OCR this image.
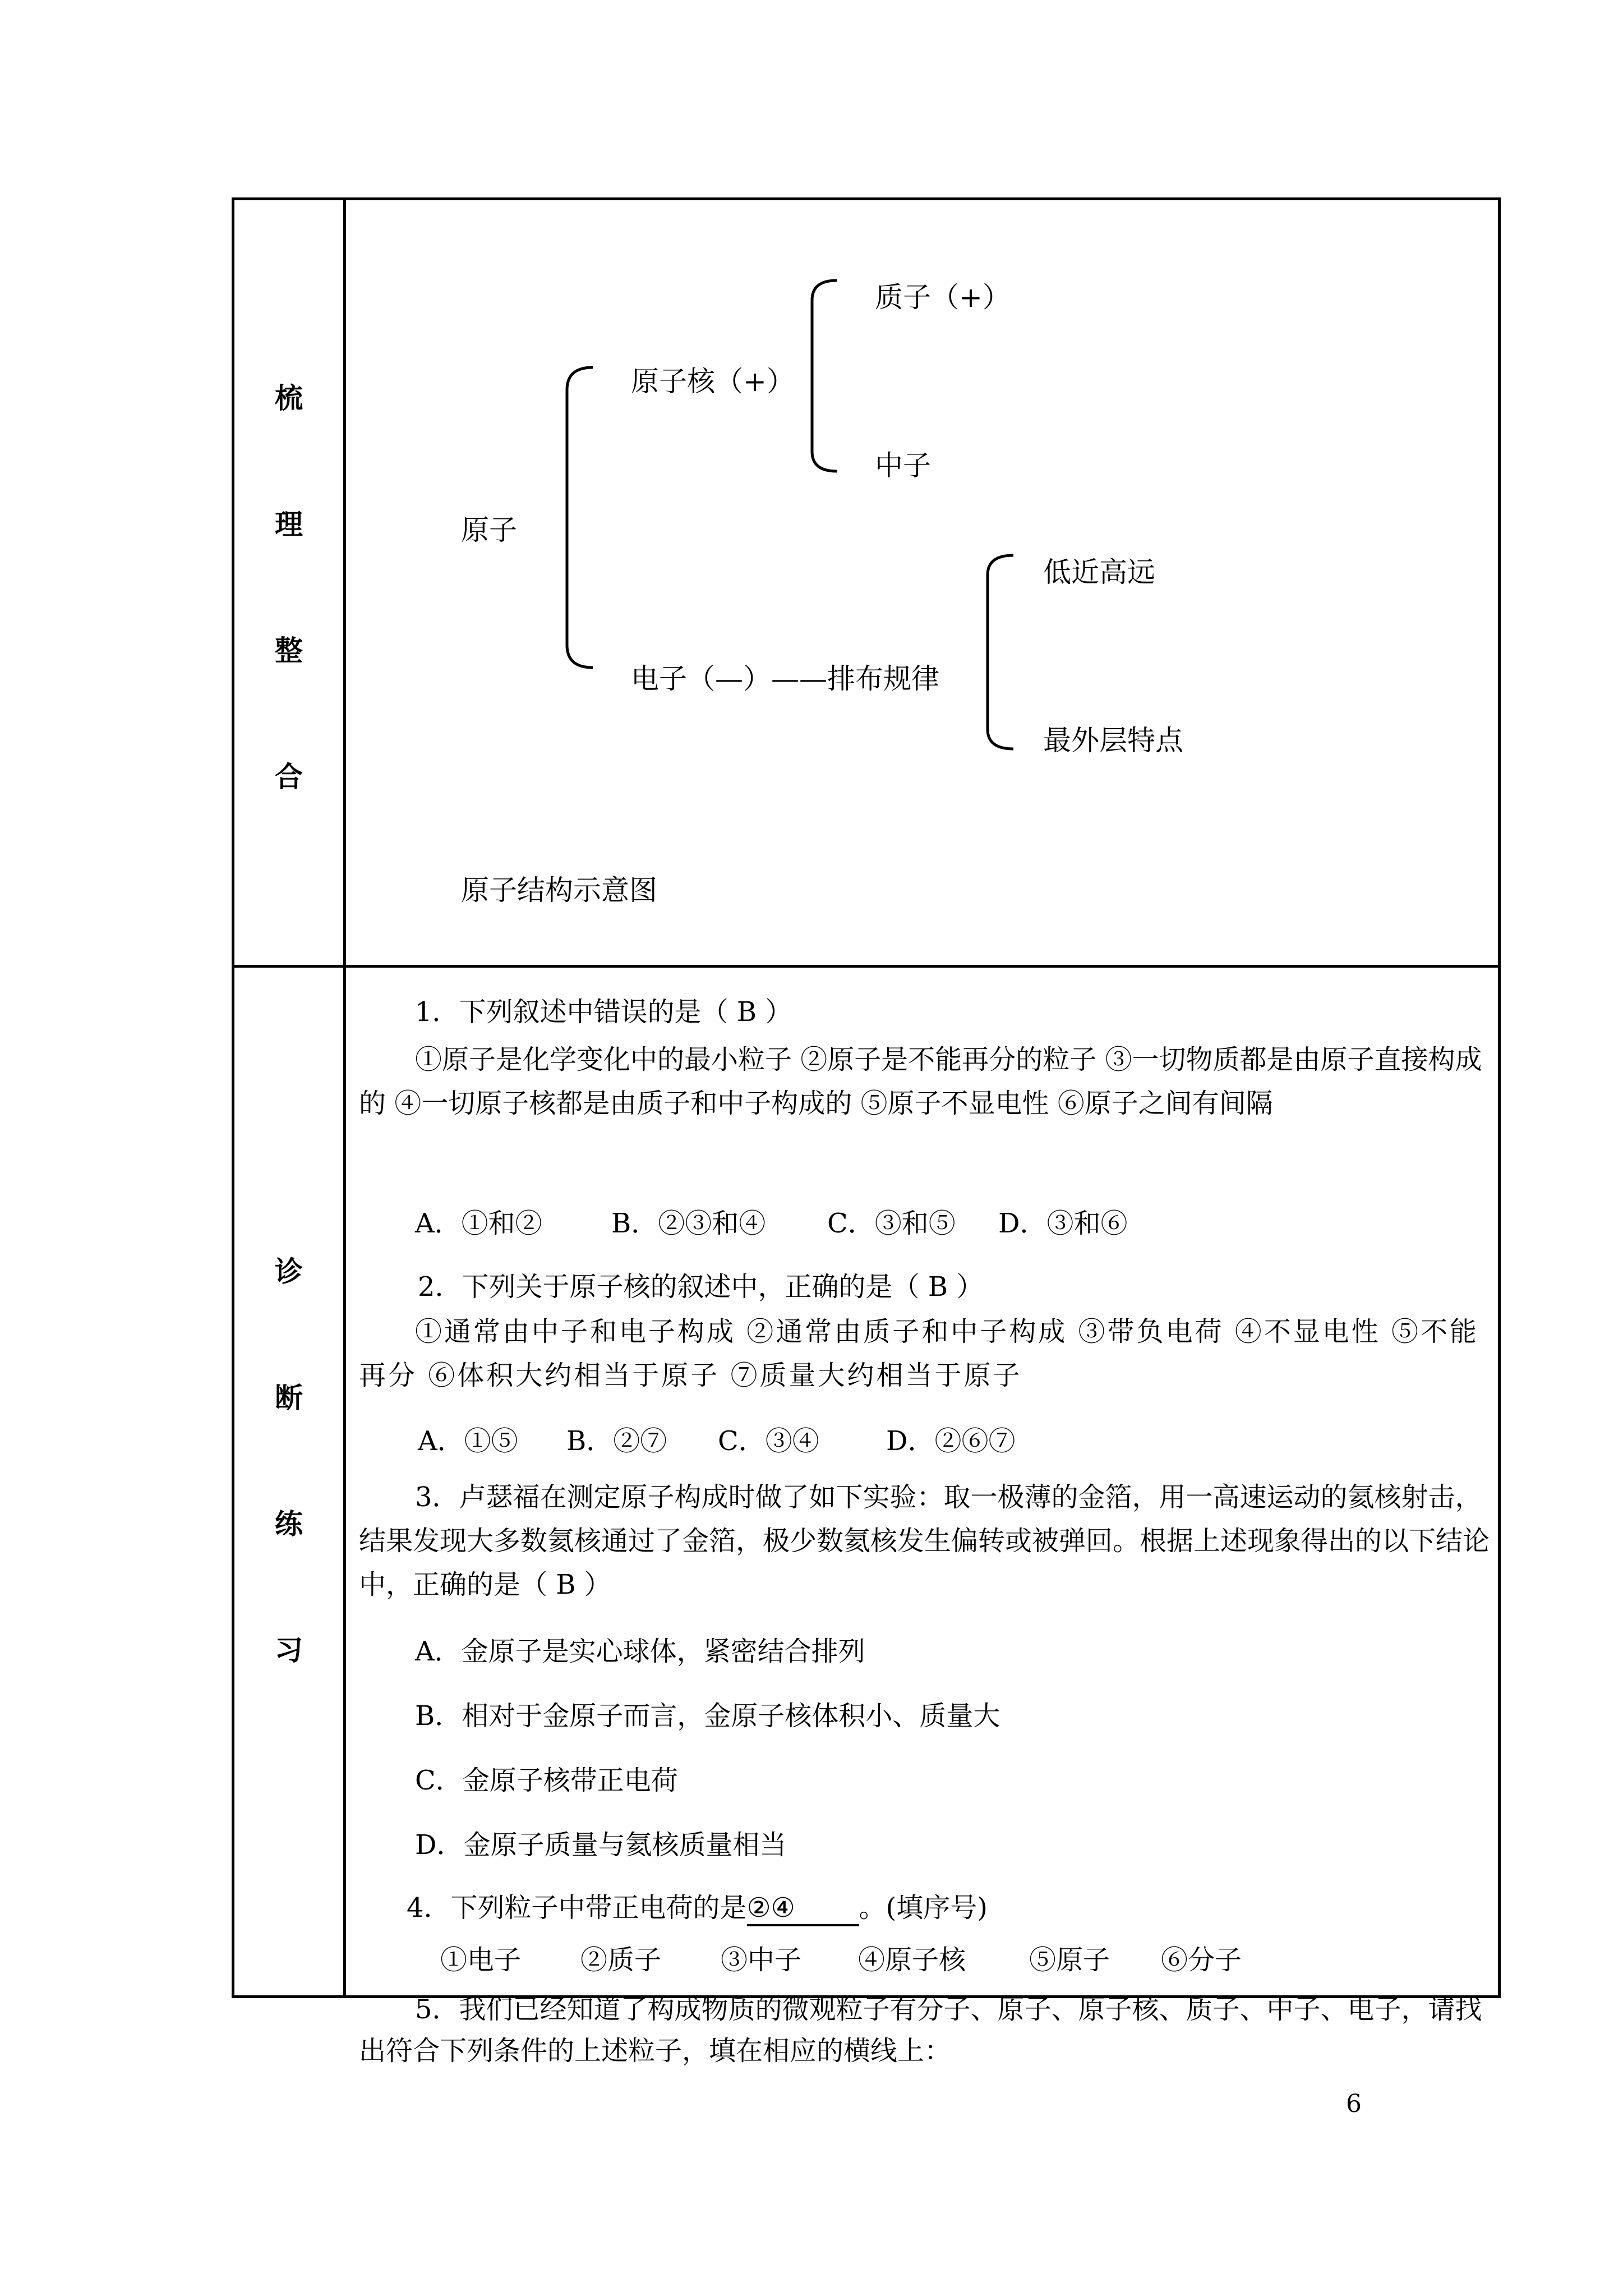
梳
理
整
合
质子（+）
原子核（+）
中子
原子
低近高远
电子（—）——排布规律
最外层特点
原子结构示意图
诊
断
练
习
1．下列叙述中错误的是（ B ）
①原子是化学变化中的最小粒子 ②原子是不能再分的粒子 ③一切物质都是由原子直接构成的 ④一切原子核都是由质子和中子构成的 ⑤原子不显电性 ⑥原子之间有间隔
A．①和②	B．②③和④ C．③和⑤ D．③和⑥
2．下列关于原子核的叙述中，正确的是（ B ）
①通常由中子和电子构成 ②通常由质子和中子构成 ③带负电荷 ④不显电性 ⑤不能再分 ⑥体积大约相当于原子 ⑦质量大约相当于原子
A．①⑤ B．②⑦ C．③④ D．②⑥⑦
3．卢瑟福在测定原子构成时做了如下实验：取一极薄的金箔，用一高速运动的氦核射击，结果发现大多数氦核通过了金箔，极少数氦核发生偏转或被弹回。根据上述现象得出的以下结论中，正确的是（ B ）
A．金原子是实心球体，紧密结合排列
B．相对于金原子而言，金原子核体积小、质量大
C．金原子核带正电荷
D．金原子质量与氦核质量相当
4．下列粒子中带正电荷的是②④ 。(填序号)
①电子 ②质子 ③中子 ④原子核 ⑤原子 ⑥分子
5．我们已经知道了构成物质的微观粒子有分子、原子、原子核、质子、中子、电子，请找出符合下列条件的上述粒子，填在相应的横线上：
6
